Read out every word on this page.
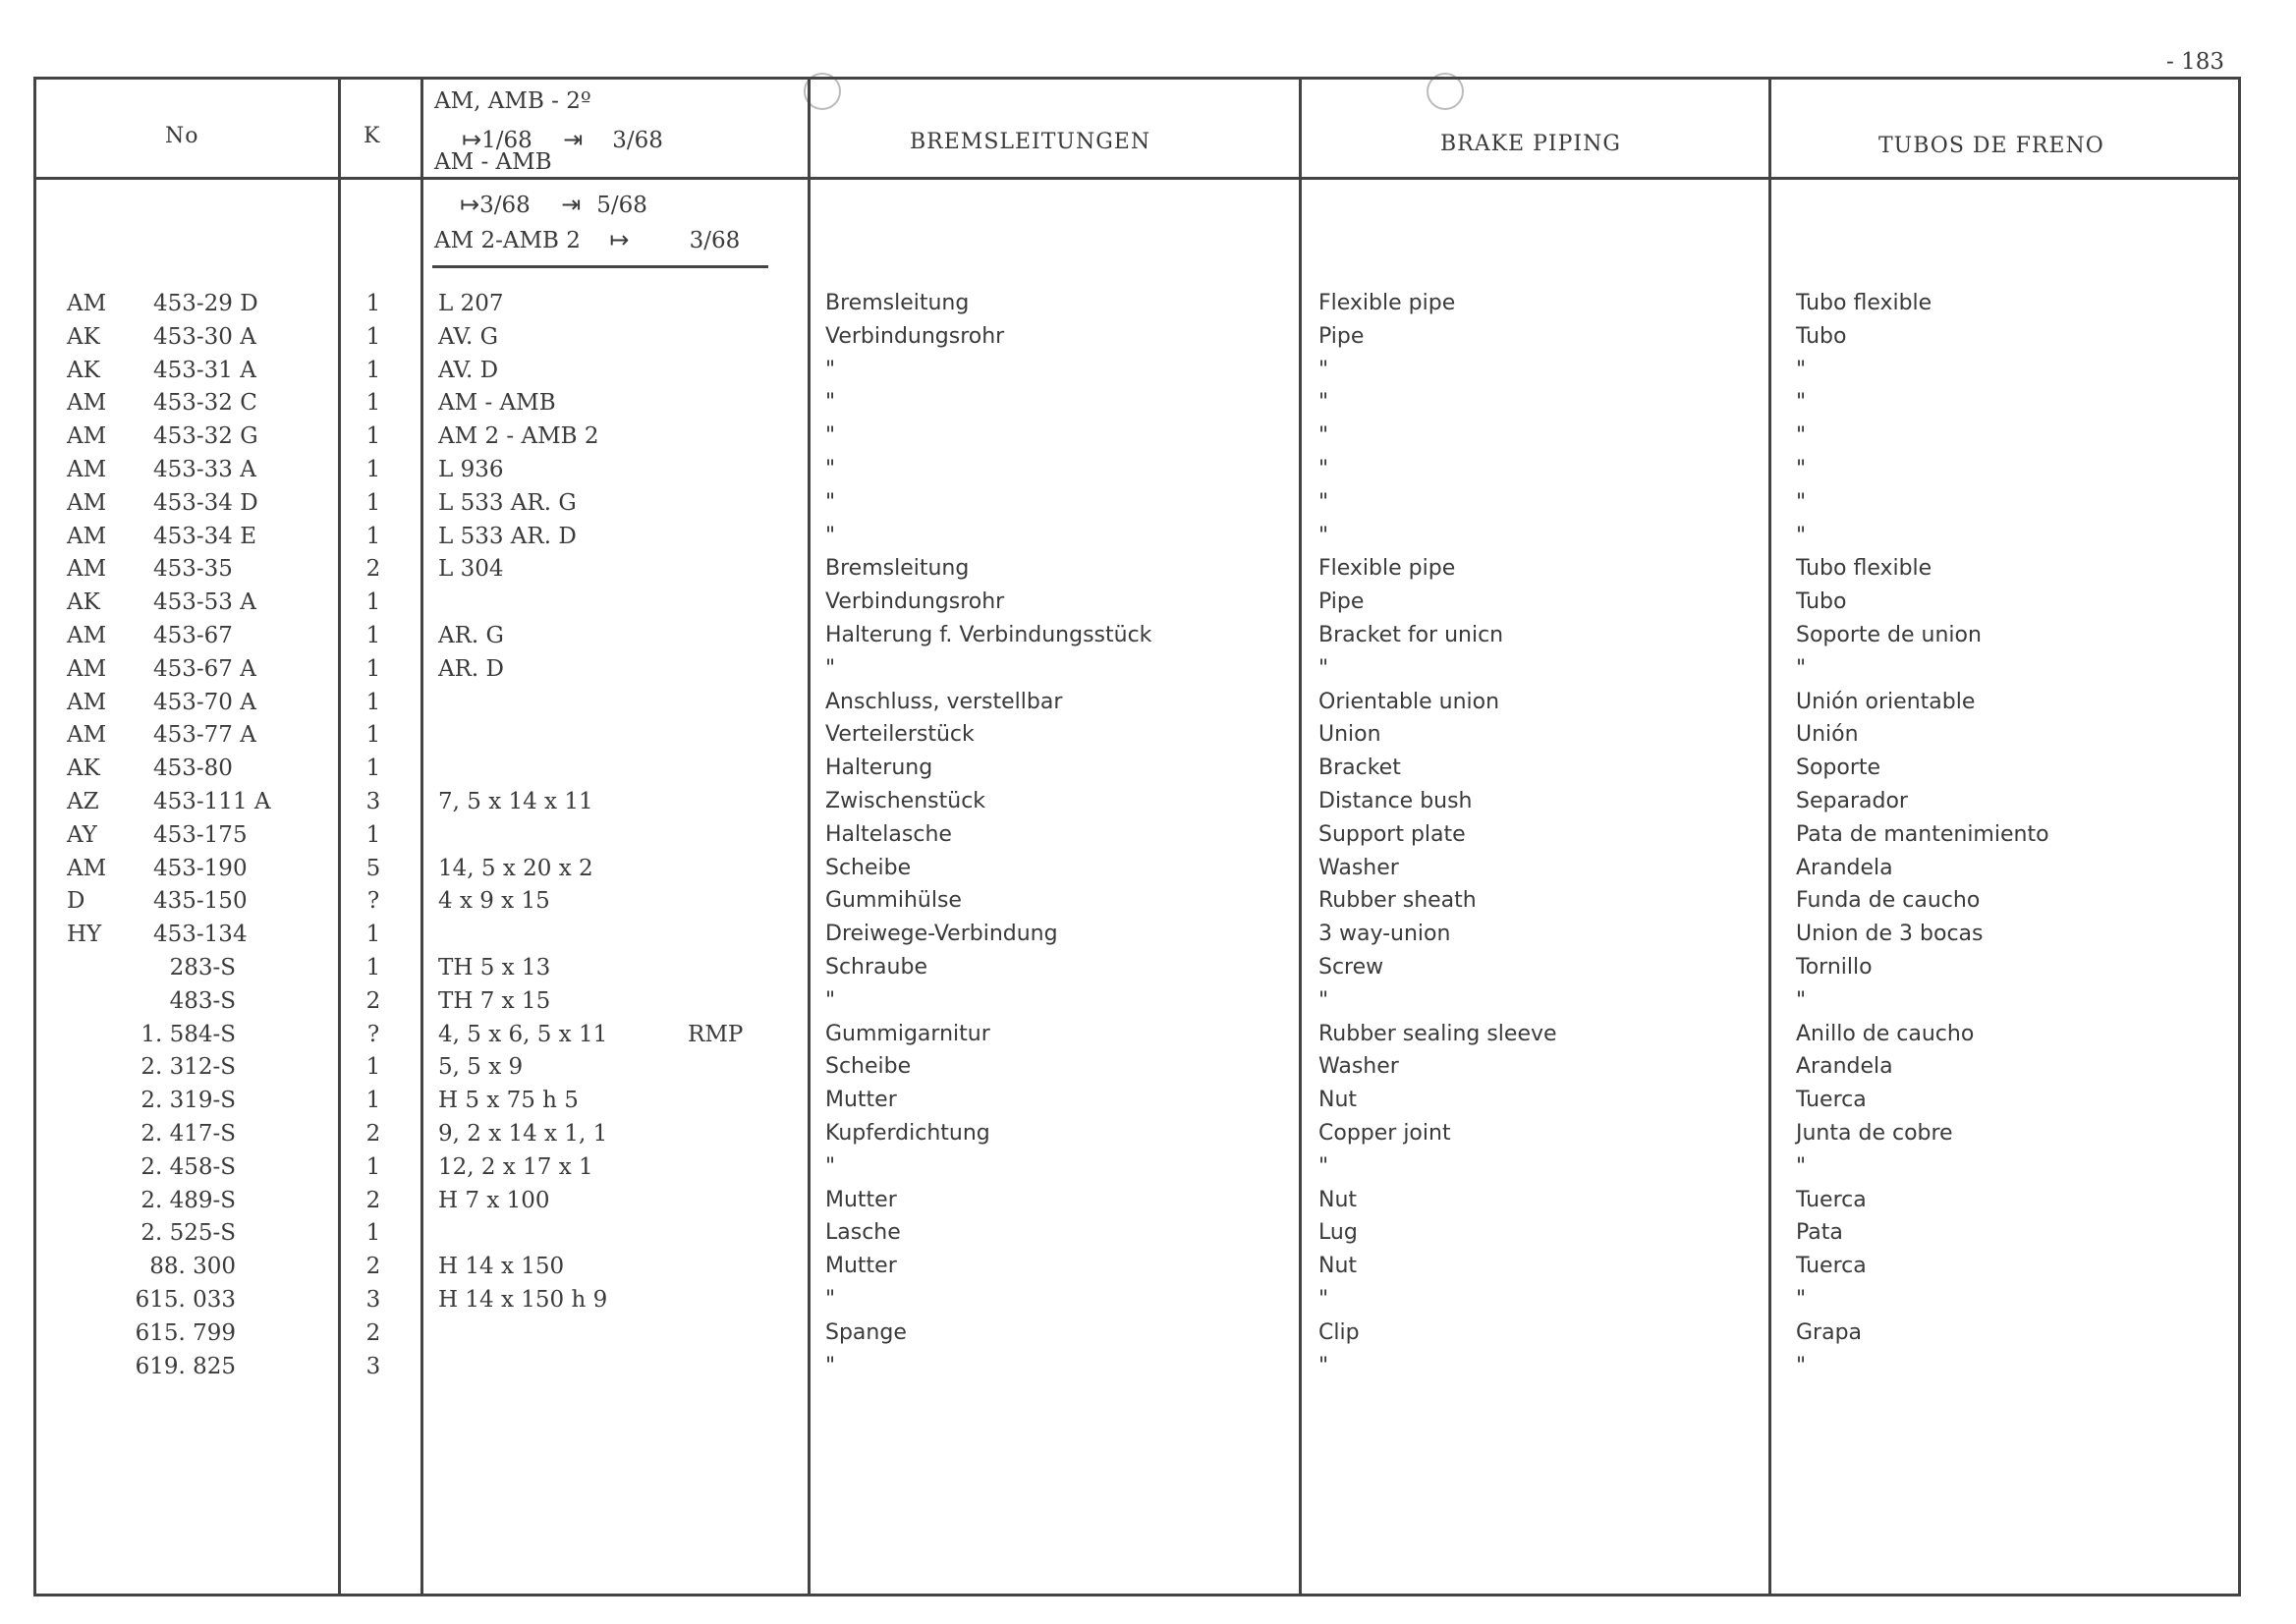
- 183
No	K
AM, AMB - 2º
↦1/68 ⇥ 3/68
AM - AMB
BREMSLEITUNGEN	BRAKE PIPING	TUBOS DE FRENO
↦3/68 ⇥ 5/68
AM 2-AMB 2 ↦	3/68
AM 453-29 D	1	L 207	Bremsleitung	Flexible pipe	Tubo flexible
AK 453-30 A	1	AV. G	Verbindungsrohr	Pipe	Tubo
AK 453-31 A	1	AV. D	"	"	"
AM 453-32 C	1	AM - AMB	"	"	"
AM 453-32 G	1	AM 2 - AMB 2	"	"	"
AM 453-33 A	1	L 936	"	"	"
AM 453-34 D	1	L 533 AR. G	"	"	"
AM 453-34 E	1	L 533 AR. D	"	"	"
AM 453-35	2	L 304	Bremsleitung	Flexible pipe	Tubo flexible
AK 453-53 A	1	Verbindungsrohr	Pipe	Tubo
AM 453-67	1	AR. G	Halterung f. Verbindungsstück	Bracket for unicn	Soporte de union
AM 453-67 A	1	AR. D	"	"	"
AM 453-70 A	1	Anschluss, verstellbar	Orientable union	Unión orientable
AM 453-77 A	1	Verteilerstück	Union	Unión
AK 453-80	1	Halterung	Bracket	Soporte
AZ 453-111 A	3	7, 5 x 14 x 11	Zwischenstück	Distance bush	Separador
AY 453-175	1	Haltelasche	Support plate	Pata de mantenimiento
AM 453-190	5	14, 5 x 20 x 2	Scheibe	Washer	Arandela
D	435-150	?	4 x 9 x 15	Gummihülse	Rubber sheath	Funda de caucho
HY 453-134	1	Dreiwege-Verbindung	3 way-union	Union de 3 bocas
283-S	1	TH 5 x 13	Schraube	Screw	Tornillo
483-S	2	TH 7 x 15	"	"	"
1. 584-S	?	4, 5 x 6, 5 x 11	RMP	Gummigarnitur	Rubber sealing sleeve	Anillo de caucho
2. 312-S	1	5, 5 x 9	Scheibe	Washer	Arandela
2. 319-S	1	H 5 x 75 h 5	Mutter	Nut	Tuerca
2. 417-S	2	9, 2 x 14 x 1, 1	Kupferdichtung	Copper joint	Junta de cobre
2. 458-S	1	12, 2 x 17 x 1	"	"	"
2. 489-S	2	H 7 x 100	Mutter	Nut	Tuerca
2. 525-S	1	Lasche	Lug	Pata
88. 300	2	H 14 x 150	Mutter	Nut	Tuerca
615. 033	3	H 14 x 150 h 9	"	"	"
615. 799	2	Spange	Clip	Grapa
619. 825	3	"	"	"
